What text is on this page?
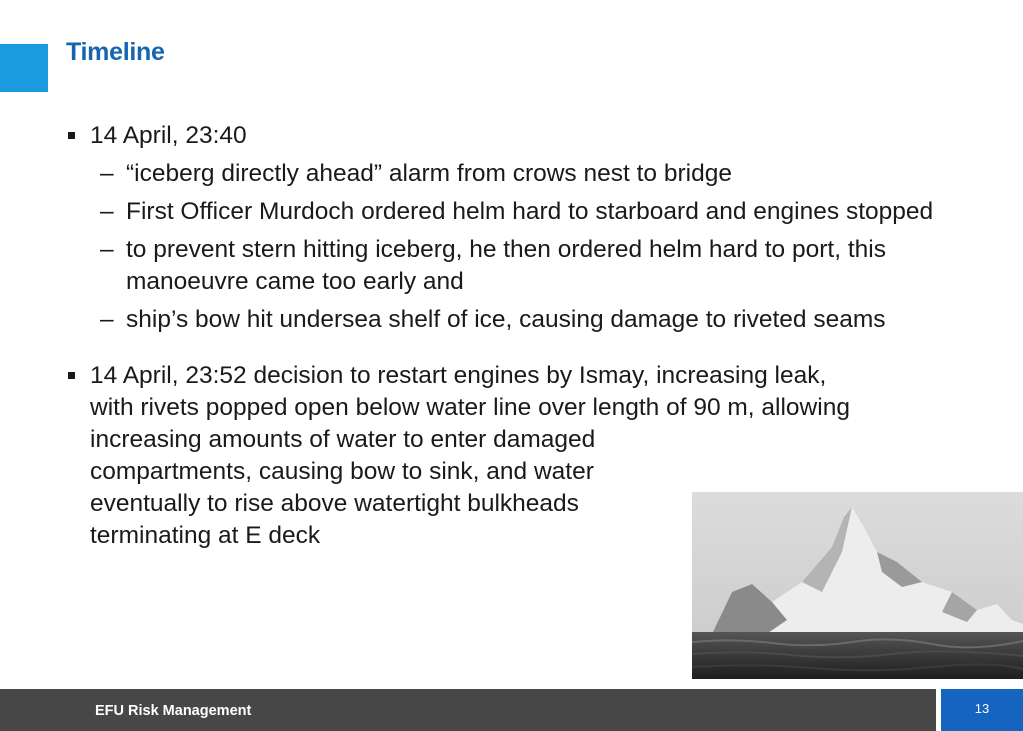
Timeline
14 April, 23:40
– “iceberg directly ahead” alarm from crows nest to bridge
– First Officer Murdoch ordered helm hard to starboard and engines stopped
– to prevent stern hitting iceberg, he then ordered helm hard to port, this manoeuvre came too early and
– ship’s bow hit undersea shelf of ice, causing damage to riveted seams
14 April, 23:52 decision to restart engines by Ismay, increasing leak,
with rivets popped open below water line over length of 90 m, allowing
increasing amounts of water to enter damaged
compartments, causing bow to sink, and water
eventually to rise above watertight bulkheads
terminating at E deck
EFU Risk Management	13
